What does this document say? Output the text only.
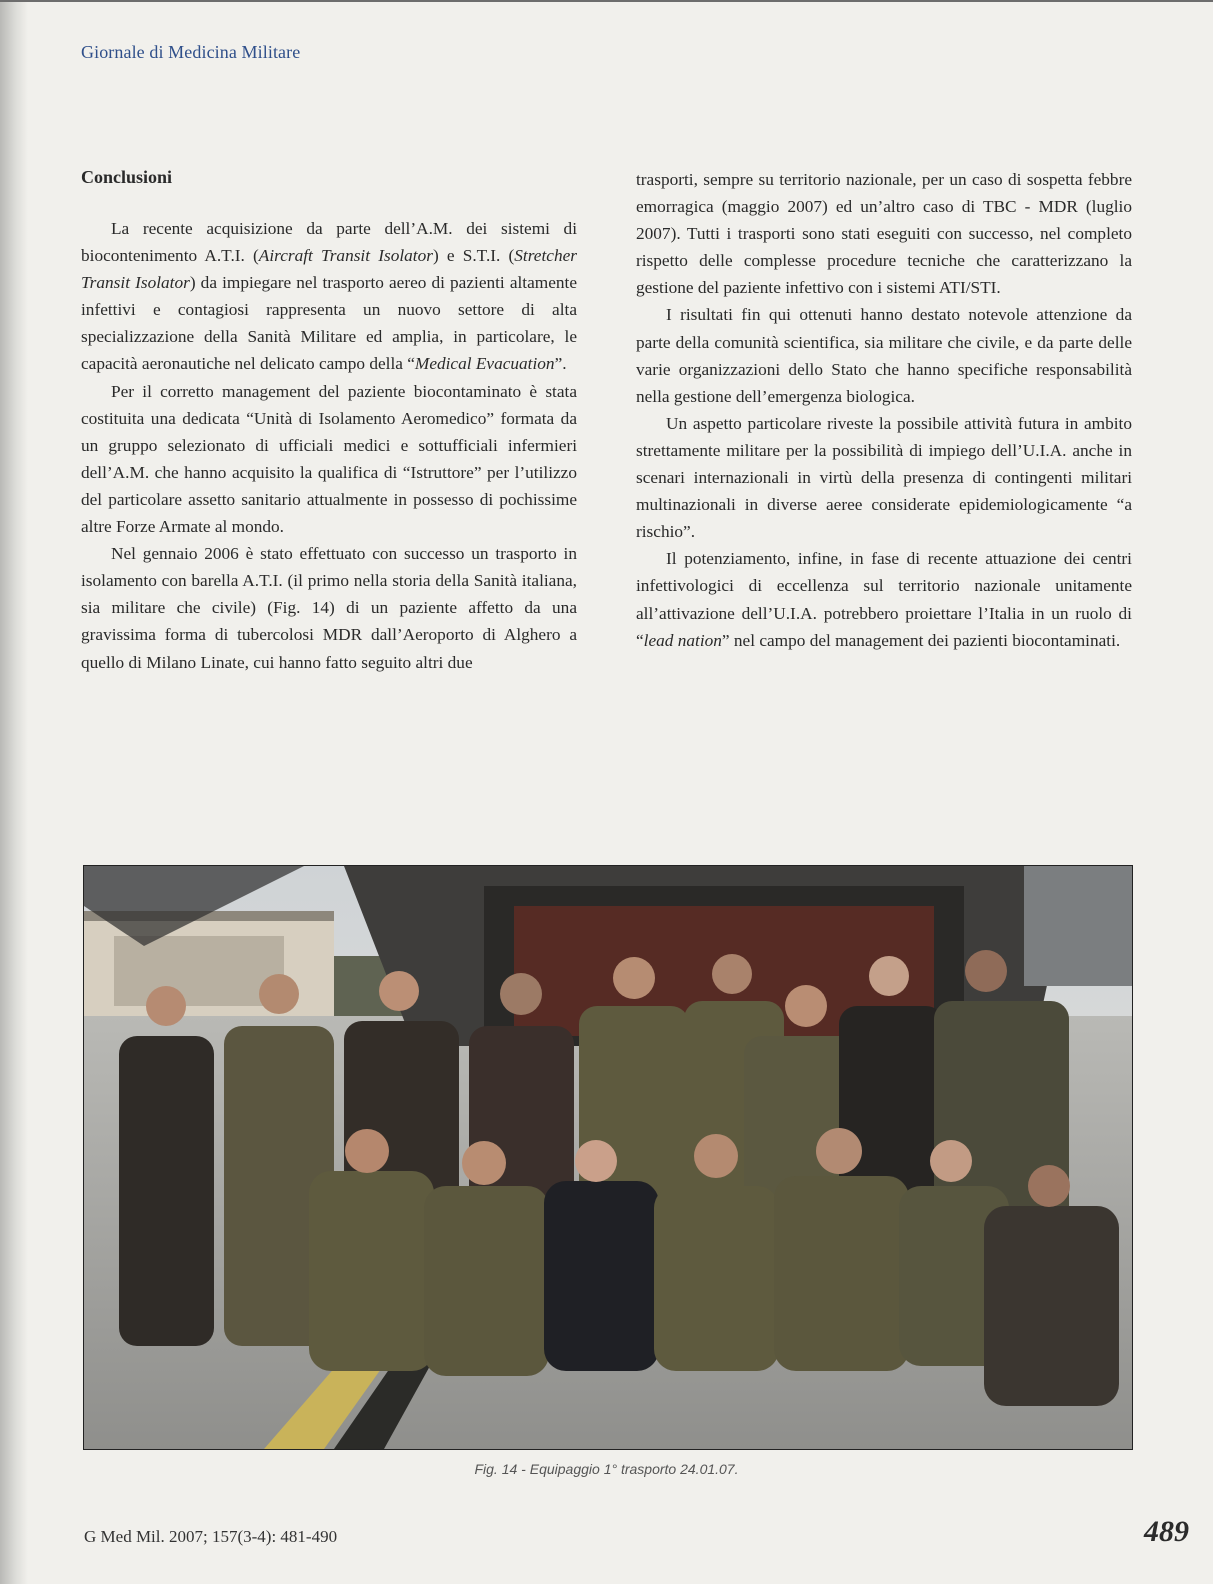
Giornale di Medicina Militare
Conclusioni

La recente acquisizione da parte dell’A.M. dei sistemi di biocontenimento A.T.I. (Aircraft Transit Isolator) e S.T.I. (Stretcher Transit Isolator) da impiegare nel trasporto aereo di pazienti altamente infettivi e contagiosi rappresenta un nuovo settore di alta specializzazione della Sanità Militare ed amplia, in particolare, le capacità aeronautiche nel delicato campo della “Medical Evacuation”.

Per il corretto management del paziente biocontaminato è stata costituita una dedicata “Unità di Isolamento Aeromedico” formata da un gruppo selezionato di ufficiali medici e sottufficiali infermieri dell’A.M. che hanno acquisito la qualifica di “Istruttore” per l’utilizzo del particolare assetto sanitario attualmente in possesso di pochissime altre Forze Armate al mondo.

Nel gennaio 2006 è stato effettuato con successo un trasporto in isolamento con barella A.T.I. (il primo nella storia della Sanità italiana, sia militare che civile) (Fig. 14) di un paziente affetto da una gravissima forma di tubercolosi MDR dall’Aeroporto di Alghero a quello di Milano Linate, cui hanno fatto seguito altri due

trasporti, sempre su territorio nazionale, per un caso di sospetta febbre emorragica (maggio 2007) ed un’altro caso di TBC - MDR (luglio 2007). Tutti i trasporti sono stati eseguiti con successo, nel completo rispetto delle complesse procedure tecniche che caratterizzano la gestione del paziente infettivo con i sistemi ATI/STI.

I risultati fin qui ottenuti hanno destato notevole attenzione da parte della comunità scientifica, sia militare che civile, e da parte delle varie organizzazioni dello Stato che hanno specifiche responsabilità nella gestione dell’emergenza biologica.

Un aspetto particolare riveste la possibile attività futura in ambito strettamente militare per la possibilità di impiego dell’U.I.A. anche in scenari internazionali in virtù della presenza di contingenti militari multinazionali in diverse aeree considerate epidemiologicamente “a rischio”.

Il potenziamento, infine, in fase di recente attuazione dei centri infettivologici di eccellenza sul territorio nazionale unitamente all’attivazione dell’U.I.A. potrebbero proiettare l’Italia in un ruolo di “lead nation” nel campo del management dei pazienti biocontaminati.

Fig. 14 - Equipaggio 1° trasporto 24.01.07.
G Med Mil. 2007; 157(3-4): 481-490	489
